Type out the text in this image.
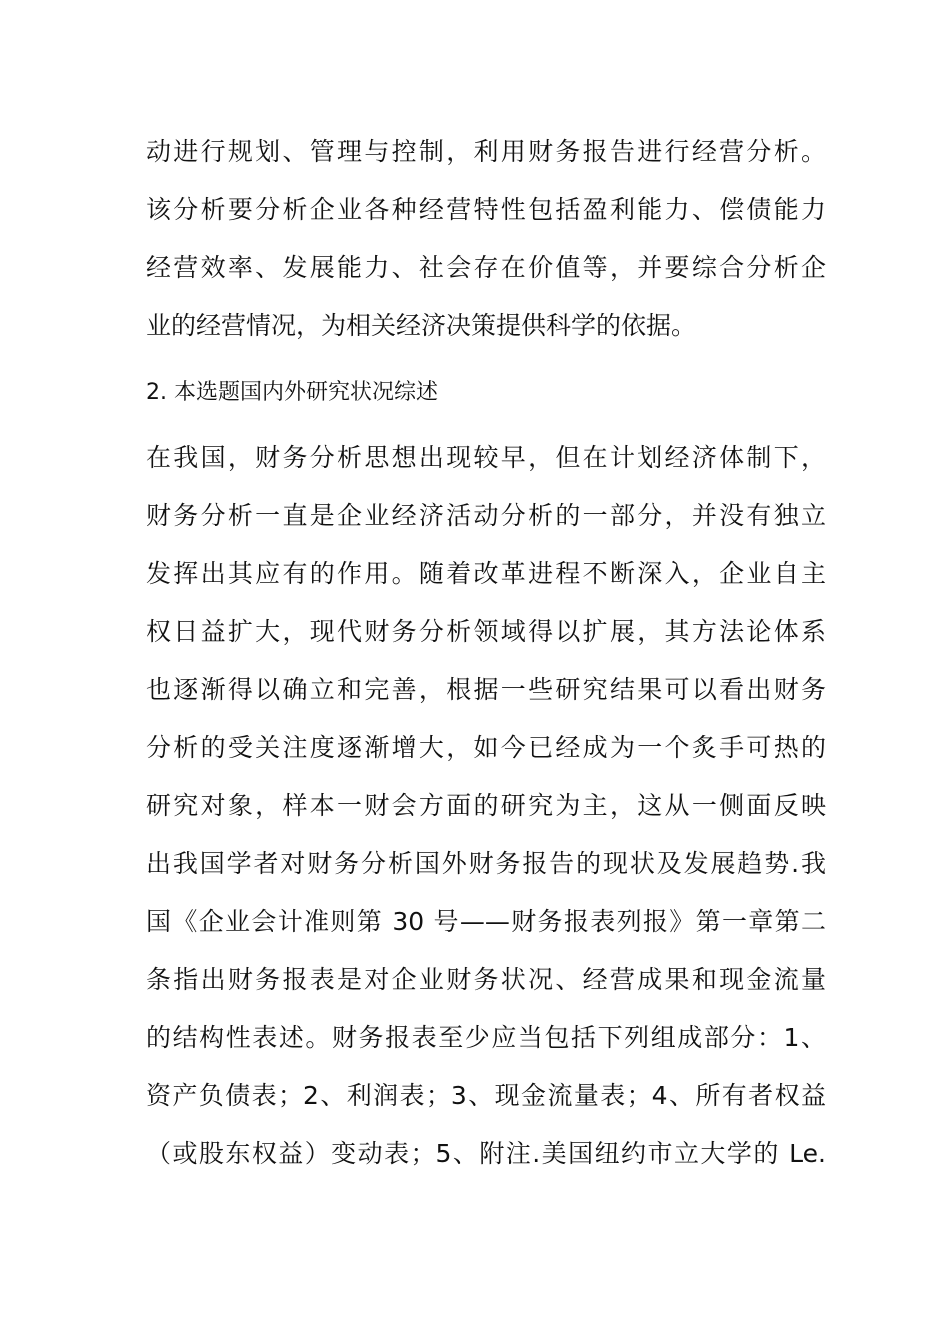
动进行规划、管理与控制，利用财务报告进行经营分析。
该分析要分析企业各种经营特性包括盈利能力、偿债能力
经营效率、发展能力、社会存在价值等，并要综合分析企
业的经营情况，为相关经济决策提供科学的依据。
2. 本选题国内外研究状况综述
在我国，财务分析思想出现较早，但在计划经济体制下，
财务分析一直是企业经济活动分析的一部分，并没有独立
发挥出其应有的作用。随着改革进程不断深入，企业自主
权日益扩大，现代财务分析领域得以扩展，其方法论体系
也逐渐得以确立和完善，根据一些研究结果可以看出财务
分析的受关注度逐渐增大，如今已经成为一个炙手可热的
研究对象，样本一财会方面的研究为主，这从一侧面反映
出我国学者对财务分析国外财务报告的现状及发展趋势.我
国《企业会计准则第 30 号——财务报表列报》第一章第二
条指出财务报表是对企业财务状况、经营成果和现金流量
的结构性表述。财务报表至少应当包括下列组成部分：1、
资产负债表；2、利润表；3、现金流量表；4、所有者权益
（或股东权益）变动表；5、附注.美国纽约市立大学的 Le.
